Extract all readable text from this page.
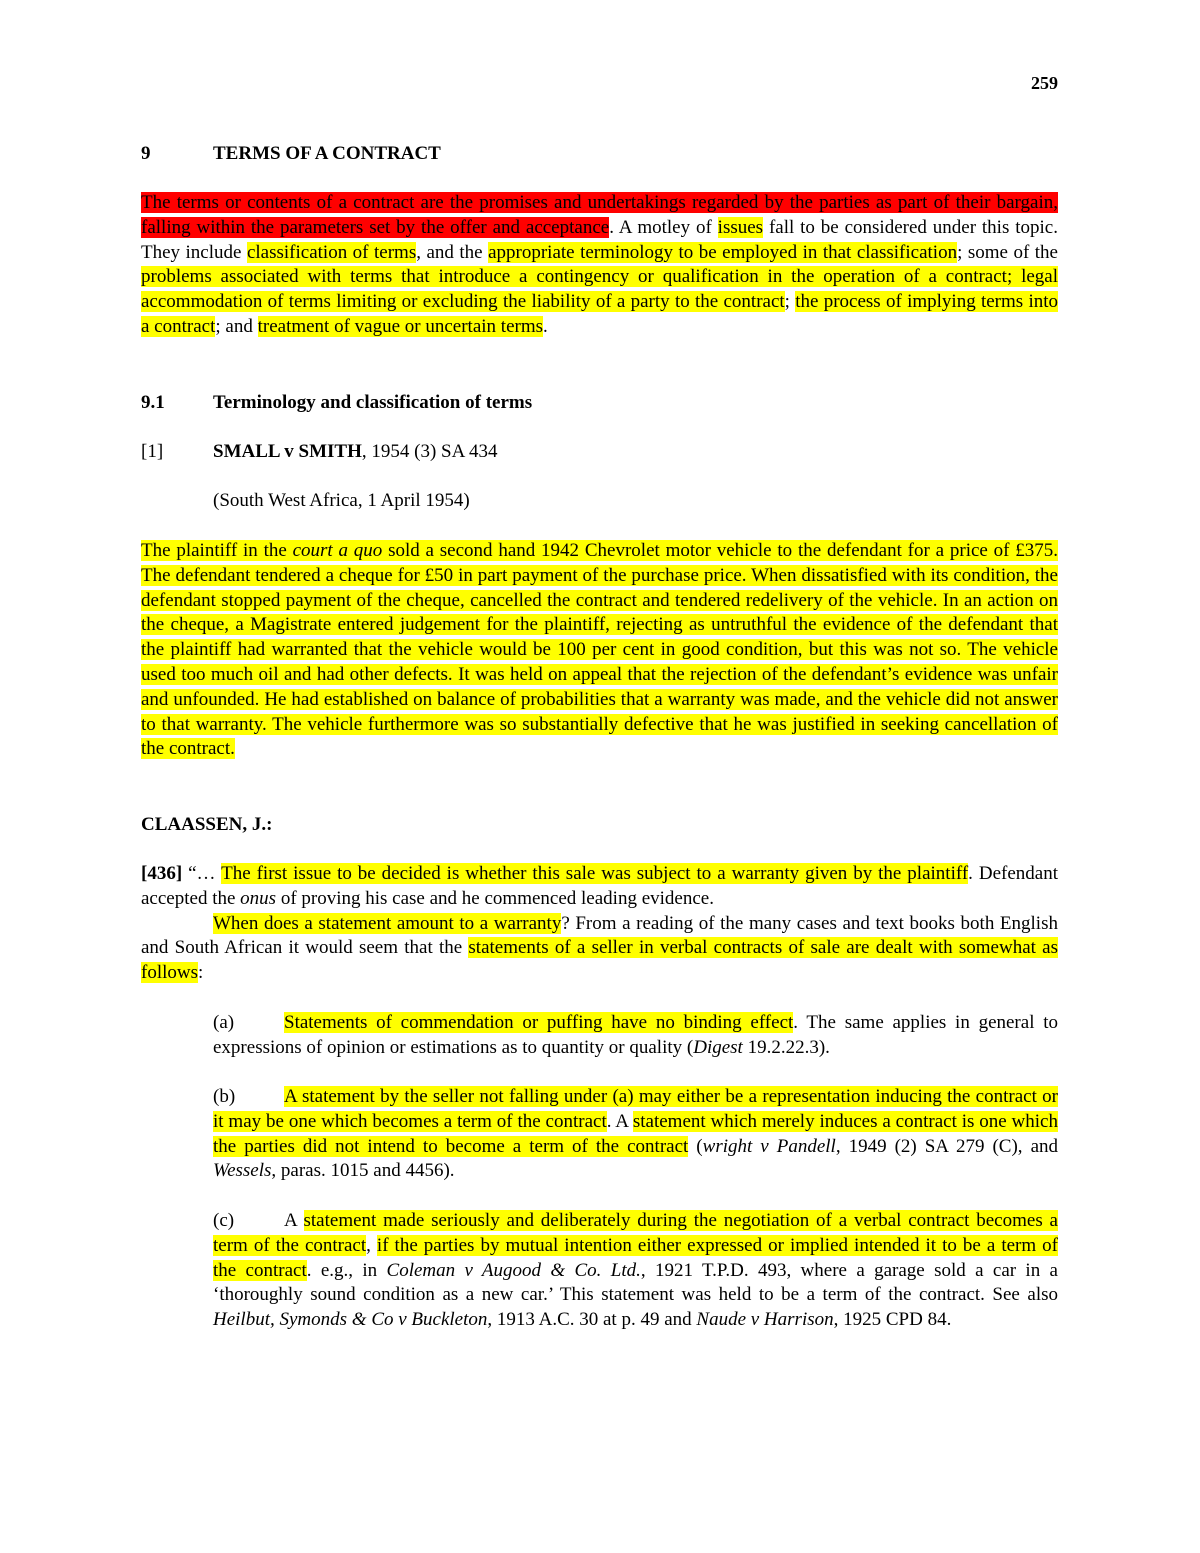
259
9	TERMS OF A CONTRACT
The terms or contents of a contract are the promises and undertakings regarded by the parties as part of their bargain, falling within the parameters set by the offer and acceptance. A motley of issues fall to be considered under this topic. They include classification of terms, and the appropriate terminology to be employed in that classification; some of the problems associated with terms that introduce a contingency or qualification in the operation of a contract; legal accommodation of terms limiting or excluding the liability of a party to the contract; the process of implying terms into a contract; and treatment of vague or uncertain terms.
9.1	Terminology and classification of terms
[1]	SMALL v SMITH, 1954 (3) SA 434
(South West Africa, 1 April 1954)
The plaintiff in the court a quo sold a second hand 1942 Chevrolet motor vehicle to the defendant for a price of £375. The defendant tendered a cheque for £50 in part payment of the purchase price. When dissatisfied with its condition, the defendant stopped payment of the cheque, cancelled the contract and tendered redelivery of the vehicle. In an action on the cheque, a Magistrate entered judgement for the plaintiff, rejecting as untruthful the evidence of the defendant that the plaintiff had warranted that the vehicle would be 100 per cent in good condition, but this was not so. The vehicle used too much oil and had other defects. It was held on appeal that the rejection of the defendant’s evidence was unfair and unfounded. He had established on balance of probabilities that a warranty was made, and the vehicle did not answer to that warranty. The vehicle furthermore was so substantially defective that he was justified in seeking cancellation of the contract.
CLAASSEN, J.:
[436] “… The first issue to be decided is whether this sale was subject to a warranty given by the plaintiff. Defendant accepted the onus of proving his case and he commenced leading evidence.
When does a statement amount to a warranty? From a reading of the many cases and text books both English and South African it would seem that the statements of a seller in verbal contracts of sale are dealt with somewhat as follows:
(a)	Statements of commendation or puffing have no binding effect. The same applies in general to expressions of opinion or estimations as to quantity or quality (Digest 19.2.22.3).
(b)	A statement by the seller not falling under (a) may either be a representation inducing the contract or it may be one which becomes a term of the contract. A statement which merely induces a contract is one which the parties did not intend to become a term of the contract (wright v Pandell, 1949 (2) SA 279 (C), and Wessels, paras. 1015 and 4456).
(c)	A statement made seriously and deliberately during the negotiation of a verbal contract becomes a term of the contract, if the parties by mutual intention either expressed or implied intended it to be a term of the contract. e.g., in Coleman v Augood & Co. Ltd., 1921 T.P.D. 493, where a garage sold a car in a ‘thoroughly sound condition as a new car.’ This statement was held to be a term of the contract. See also Heilbut, Symonds & Co v Buckleton, 1913 A.C. 30 at p. 49 and Naude v Harrison, 1925 CPD 84.
